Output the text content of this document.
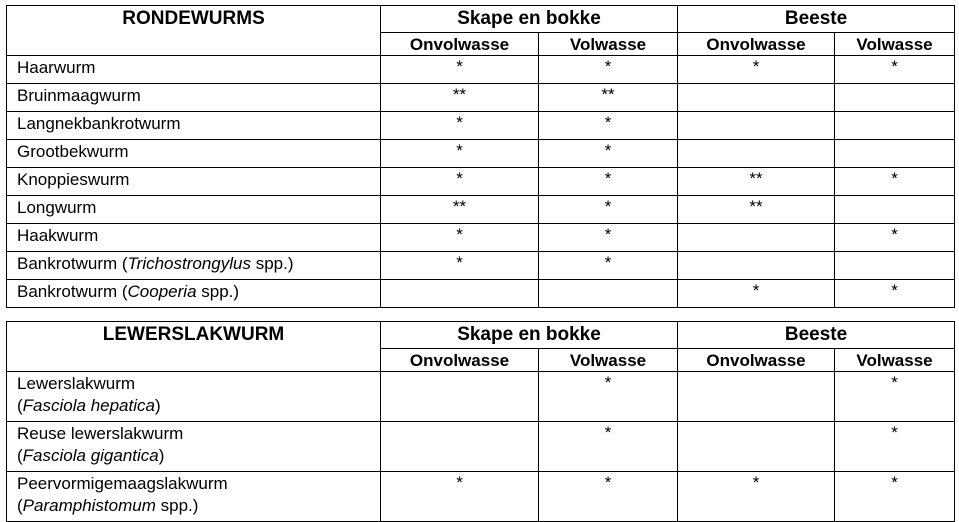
RONDEWURMS	Skape en bokke		Beeste	
	Onvolwasse	Volwasse	Onvolwasse	Volwasse
Haarwurm	*	*	*	*
Bruinmaagwurm	**	**		
Langnekbankrotwurm	*	*		
Grootbekwurm	*	*		
Knoppieswurm	*	*	**	*
Longwurm	**	*	**	
Haakwurm	*	*		*
Bankrotwurm (Trichostrongylus spp.)	*	*		
Bankrotwurm (Cooperia spp.)			*	*
LEWERSLAKWURM	Skape en bokke		Beeste	
	Onvolwasse	Volwasse	Onvolwasse	Volwasse

Lewerslakwurm
(Fasciola hepatica)		*		*

Reuse lewerslakwurm
(Fasciola gigantica)		*		*

Peervormigemaagslakwurm
(Paramphistomum spp.)	*	*	*	*
